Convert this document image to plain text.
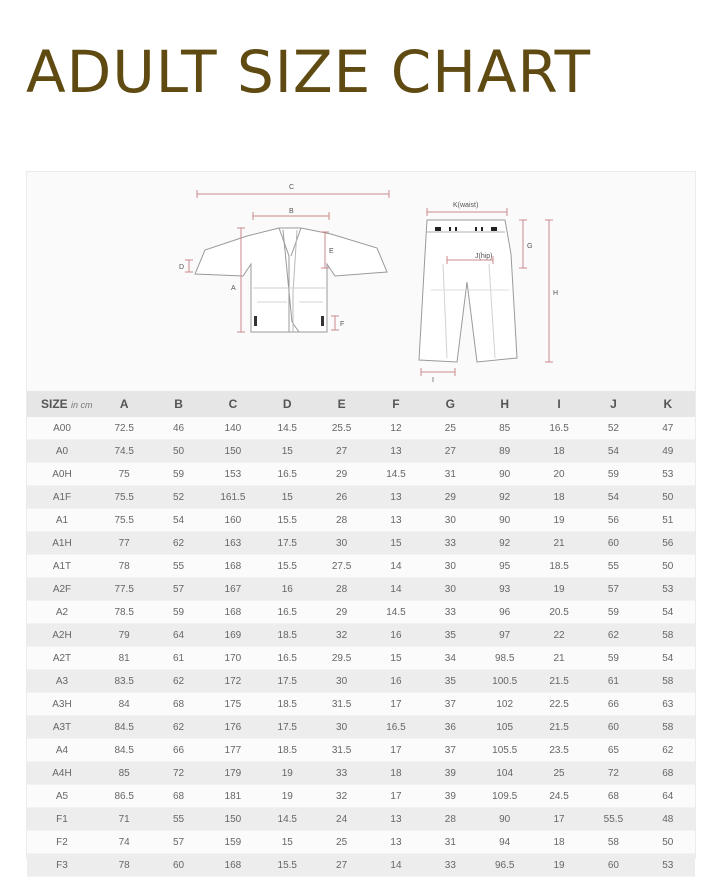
ADULT SIZE CHART
C
B
D
A
E
F
K(waist)
G
J(hip)
H
I
SIZE in cm	A	B	C	D	E	F	G	H	I	J	K
A00	72.5	46	140	14.5	25.5	12	25	85	16.5	52	47
A0	74.5	50	150	15	27	13	27	89	18	54	49
A0H	75	59	153	16.5	29	14.5	31	90	20	59	53
A1F	75.5	52	161.5	15	26	13	29	92	18	54	50
A1	75.5	54	160	15.5	28	13	30	90	19	56	51
A1H	77	62	163	17.5	30	15	33	92	21	60	56
A1T	78	55	168	15.5	27.5	14	30	95	18.5	55	50
A2F	77.5	57	167	16	28	14	30	93	19	57	53
A2	78.5	59	168	16.5	29	14.5	33	96	20.5	59	54
A2H	79	64	169	18.5	32	16	35	97	22	62	58
A2T	81	61	170	16.5	29.5	15	34	98.5	21	59	54
A3	83.5	62	172	17.5	30	16	35	100.5	21.5	61	58
A3H	84	68	175	18.5	31.5	17	37	102	22.5	66	63
A3T	84.5	62	176	17.5	30	16.5	36	105	21.5	60	58
A4	84.5	66	177	18.5	31.5	17	37	105.5	23.5	65	62
A4H	85	72	179	19	33	18	39	104	25	72	68
A5	86.5	68	181	19	32	17	39	109.5	24.5	68	64
F1	71	55	150	14.5	24	13	28	90	17	55.5	48
F2	74	57	159	15	25	13	31	94	18	58	50
F3	78	60	168	15.5	27	14	33	96.5	19	60	53
